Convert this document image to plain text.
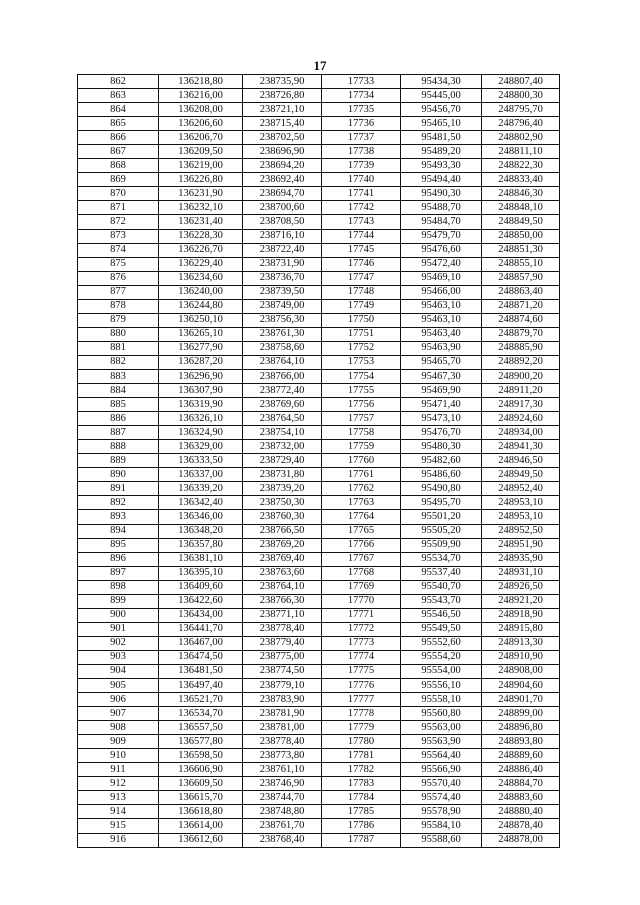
17
862	136218,80	238735,90	17733	95434,30	248807,40
863	136216,00	238726,80	17734	95445,00	248800,30
864	136208,00	238721,10	17735	95456,70	248795,70
865	136206,60	238715,40	17736	95465,10	248796,40
866	136206,70	238702,50	17737	95481,50	248802,90
867	136209,50	238696,90	17738	95489,20	248811,10
868	136219,00	238694,20	17739	95493,30	248822,30
869	136226,80	238692,40	17740	95494,40	248833,40
870	136231,90	238694,70	17741	95490,30	248846,30
871	136232,10	238700,60	17742	95488,70	248848,10
872	136231,40	238708,50	17743	95484,70	248849,50
873	136228,30	238716,10	17744	95479,70	248850,00
874	136226,70	238722,40	17745	95476,60	248851,30
875	136229,40	238731,90	17746	95472,40	248855,10
876	136234,60	238736,70	17747	95469,10	248857,90
877	136240,00	238739,50	17748	95466,00	248863,40
878	136244,80	238749,00	17749	95463,10	248871,20
879	136250,10	238756,30	17750	95463,10	248874,60
880	136265,10	238761,30	17751	95463,40	248879,70
881	136277,90	238758,60	17752	95463,90	248885,90
882	136287,20	238764,10	17753	95465,70	248892,20
883	136296,90	238766,00	17754	95467,30	248900,20
884	136307,90	238772,40	17755	95469,90	248911,20
885	136319,90	238769,60	17756	95471,40	248917,30
886	136326,10	238764,50	17757	95473,10	248924,60
887	136324,90	238754,10	17758	95476,70	248934,00
888	136329,00	238732,00	17759	95480,30	248941,30
889	136333,50	238729,40	17760	95482,60	248946,50
890	136337,00	238731,80	17761	95486,60	248949,50
891	136339,20	238739,20	17762	95490,80	248952,40
892	136342,40	238750,30	17763	95495,70	248953,10
893	136346,00	238760,30	17764	95501,20	248953,10
894	136348,20	238766,50	17765	95505,20	248952,50
895	136357,80	238769,20	17766	95509,90	248951,90
896	136381,10	238769,40	17767	95534,70	248935,90
897	136395,10	238763,60	17768	95537,40	248931,10
898	136409,60	238764,10	17769	95540,70	248926,50
899	136422,60	238766,30	17770	95543,70	248921,20
900	136434,00	238771,10	17771	95546,50	248918,90
901	136441,70	238778,40	17772	95549,50	248915,80
902	136467,00	238779,40	17773	95552,60	248913,30
903	136474,50	238775,00	17774	95554,20	248910,90
904	136481,50	238774,50	17775	95554,00	248908,00
905	136497,40	238779,10	17776	95556,10	248904,60
906	136521,70	238783,90	17777	95558,10	248901,70
907	136534,70	238781,90	17778	95560,80	248899,00
908	136557,50	238781,00	17779	95563,00	248896,80
909	136577,80	238778,40	17780	95563,90	248893,80
910	136598,50	238773,80	17781	95564,40	248889,60
911	136606,90	238761,10	17782	95566,90	248886,40
912	136609,50	238746,90	17783	95570,40	248884,70
913	136615,70	238744,70	17784	95574,40	248883,60
914	136618,80	238748,80	17785	95578,90	248880,40
915	136614,00	238761,70	17786	95584,10	248878,40
916	136612,60	238768,40	17787	95588,60	248878,00
